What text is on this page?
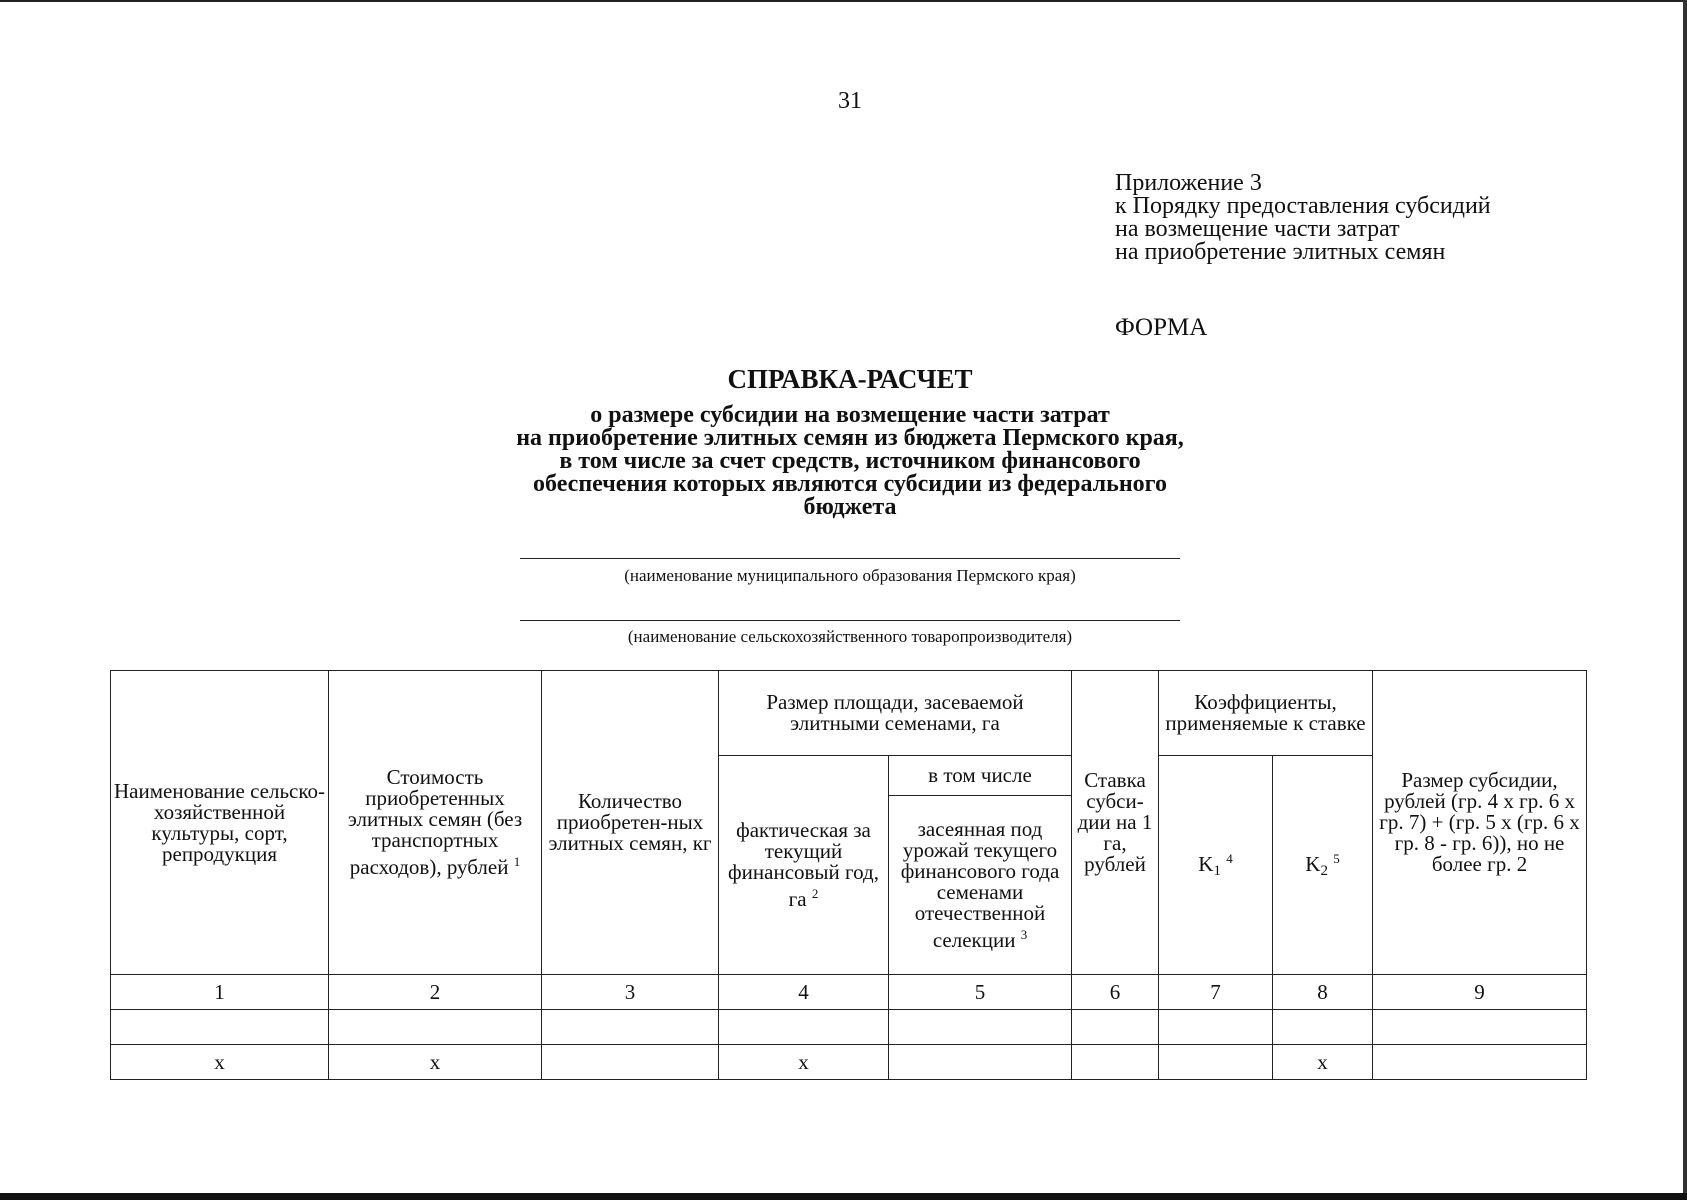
31
Приложение 3
к Порядку предоставления субсидий
на возмещение части затрат
на приобретение элитных семян
ФОРМА
СПРАВКА-РАСЧЕТ
о размере субсидии на возмещение части затрат
на приобретение элитных семян из бюджета Пермского края,
в том числе за счет средств, источником финансового
обеспечения которых являются субсидии из федерального
бюджета
(наименование муниципального образования Пермского края)
(наименование сельскохозяйственного товаропроизводителя)
Наименование сельско-хозяйственной культуры, сорт, репродукция	Стоимость приобретенных элитных семян (без транспортных расходов), рублей $^1$	Количество приобретен-ных элитных семян, кг	Размер площади, засеваемой элитными семенами, га		Ставка субси-дии на 1 га, рублей	Коэффициенты, применяемые к ставке		Размер субсидии, рублей (гр. 4 x гр. 6 x гр. 7) + (гр. 5 x (гр. 6 x гр. 8 - гр. 6)), но не более гр. 2
			фактическая за текущий финансовый год, га $^2$	в том числе		$K_1$ $^4$	$K_2$ $^5$
				засеянная под урожай текущего финансового года семенами отечественной селекции $^3$
1	2	3	4	5	6	7	8	9

x	x		x				x	
